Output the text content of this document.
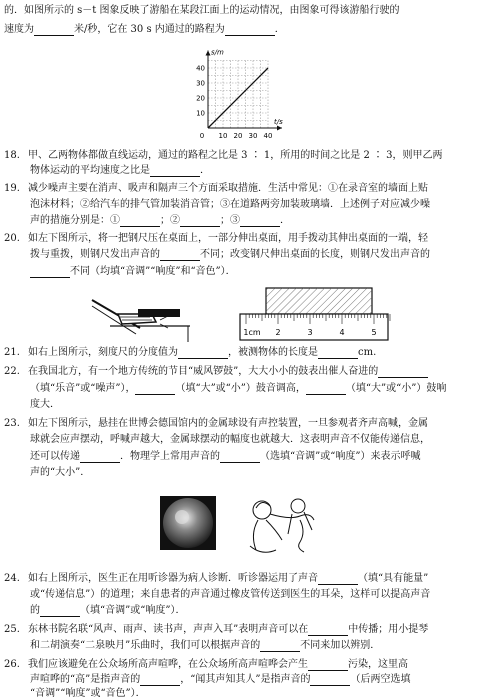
的．如图所示的 s－t 图象反映了游船在某段江面上的运动情况，由图象可得该游船行驶的
速度为	米/秒，它在 30 s 内通过的路程为	．
0 10 20 30 40
10
20
30
40
s/m
t/s
18. 甲、乙两物体都做直线运动，通过的路程之比是 3 ∶ 1，所用的时间之比是 2 ∶ 3，则甲乙两
物体运动的平均速度之比是	．
19. 减少噪声主要在消声、吸声和隔声三个方面采取措施．生活中常见：①在录音室的墙面上贴
泡沫材料；②给汽车的排气管加装消音管；③在道路两旁加装玻璃墙．上述例子对应减少噪
声的措施分别是：①	；②	；③	．
20. 如左下图所示，将一把钢尺压在桌面上，一部分伸出桌面，用手拨动其伸出桌面的一端，轻
拨与重拨，则钢尺发出声音的	不同；改变钢尺伸出桌面的长度，则钢尺发出声音的
不同（均填“音调”“响度”和“音色”）．
1cm 2	3	4	5
21. 如右上图所示，刻度尺的分度值为	，被测物体的长度是	cm.
22. 在我国北方，有一个地方传统的节目“威风锣鼓”，大大小小的鼓表出催人奋进的
（填“乐音”或“噪声”），	（填“大”或“小”）鼓音调高，	（填“大”或“小”）鼓响
度大．
23. 如左下图所示，悬挂在世博会德国馆内的金属球设有声控装置，一旦参观者齐声高喊，金属
球就会应声摆动，呼喊声越大，金属球摆动的幅度也就越大．这表明声音不仅能传递信息，
还可以传递	．物理学上常用声音的	（选填“音调”或“响度”）来表示呼喊
声的“大小”．
24. 如右上图所示，医生正在用听诊器为病人诊断．听诊器运用了声音	（填“具有能量”
或“传递信息”）的道理；来自患者的声音通过橡皮管传送到医生的耳朵，这样可以提高声音
的	（填“音调”或“响度”）．
25. 东林书院名联“风声、雨声、读书声，声声入耳”表明声音可以在	中传播；用小提琴
和二胡演奏“二泉映月”乐曲时，我们可以根据声音的	不同来加以辨别．
26. 我们应该避免在公众场所高声喧哗，在公众场所高声喧哗会产生	污染，这里高
声喧哗的“高”是指声音的	，“闻其声知其人”是指声音的	（后两空选填
“音调”“响度”或“音色”）．
